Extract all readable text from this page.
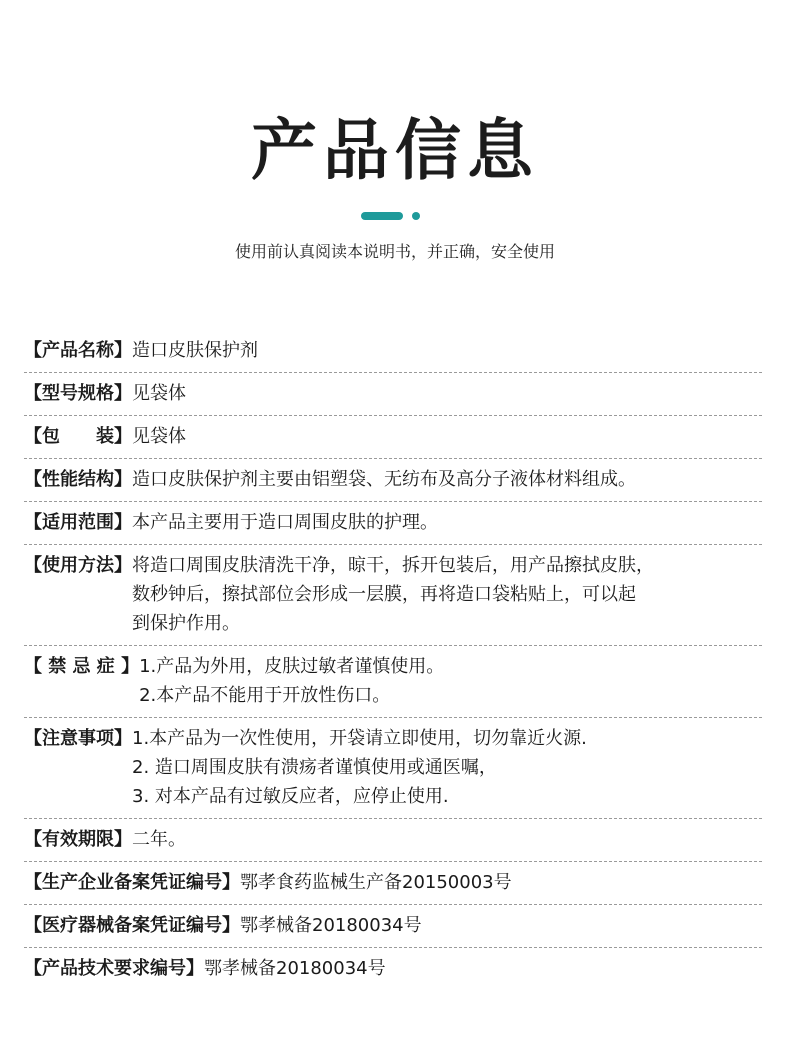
产品信息
使用前认真阅读本说明书，并正确，安全使用
【产品名称】 造口皮肤保护剂
【型号规格】 见袋体
【包　　装】 见袋体
【性能结构】 造口皮肤保护剂主要由铝塑袋、无纺布及高分子液体材料组成。
【适用范围】 本产品主要用于造口周围皮肤的护理。
【使用方法】 将造口周围皮肤清洗干净，晾干，拆开包装后，用产品擦拭皮肤，
数秒钟后，擦拭部位会形成一层膜，再将造口袋粘贴上，可以起
到保护作用。
【 禁 忌 症 】 1.产品为外用，皮肤过敏者谨慎使用。
2.本产品不能用于开放性伤口。
【注意事项】 1.本产品为一次性使用，开袋请立即使用，切勿靠近火源.
2. 造口周围皮肤有溃疡者谨慎使用或通医嘱，
3. 对本产品有过敏反应者，应停止使用.
【有效期限】 二年。
【生产企业备案凭证编号】 鄂孝食药监械生产备20150003号
【医疗器械备案凭证编号】 鄂孝械备20180034号
【产品技术要求编号】 鄂孝械备20180034号
